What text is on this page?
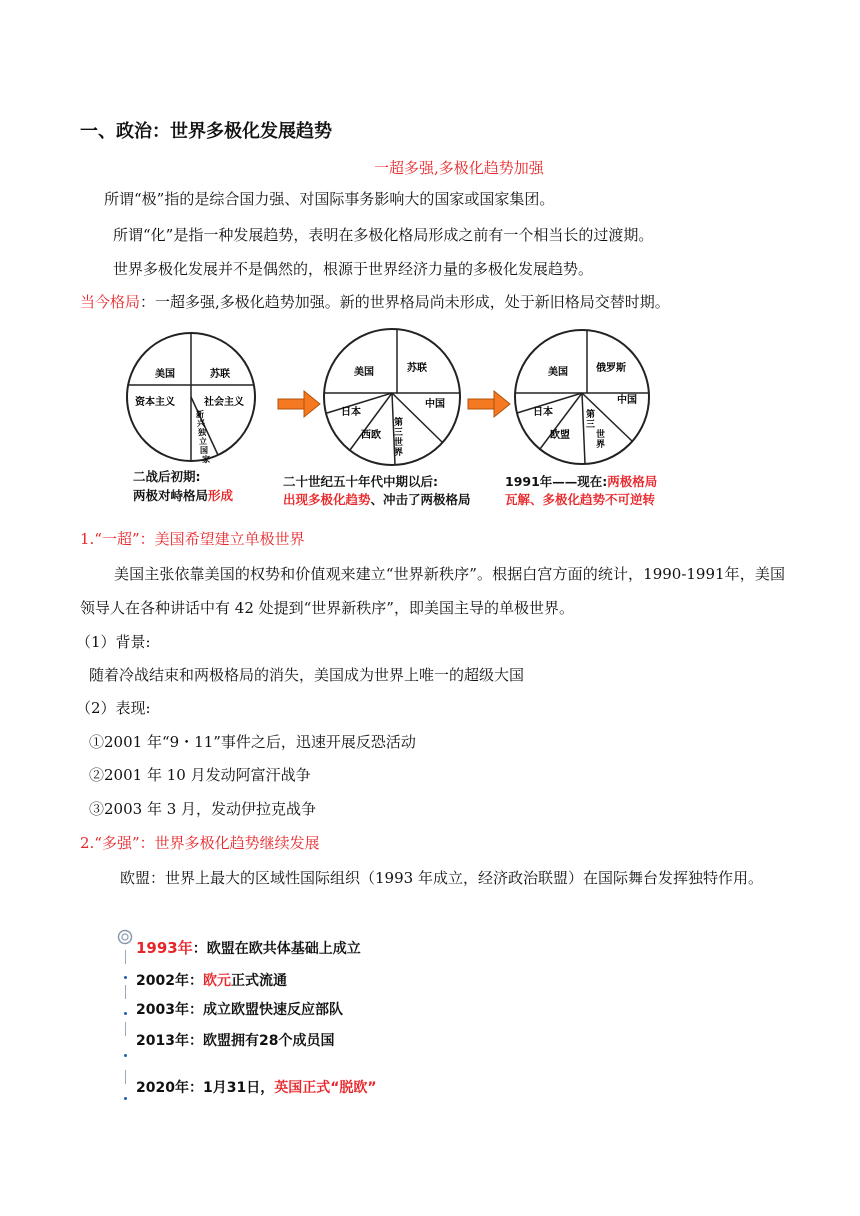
一、政治：世界多极化发展趋势
一超多强,多极化趋势加强
所谓“极”指的是综合国力强、对国际事务影响大的国家或国家集团。
所谓“化”是指一种发展趋势，表明在多极化格局形成之前有一个相当长的过渡期。
世界多极化发展并不是偶然的，根源于世界经济力量的多极化发展趋势。
当今格局：一超多强,多极化趋势加强。新的世界格局尚未形成，处于新旧格局交替时期。
美国	苏联
资本主义	社会主义
新
兴
独
立
国
家
美国	苏联
日本
中国
西欧
第
三
世
界
美国	俄罗斯
日本
中国
欧盟
第
三
世
界
二战后初期:
两极对峙格局形成
二十世纪五十年代中期以后:
出现多极化趋势、冲击了两极格局
1991年——现在:两极格局
瓦解、多极化趋势不可逆转
1.“一超”：美国希望建立单极世界
美国主张依靠美国的权势和价值观来建立“世界新秩序”。根据白宫方面的统计，1990-1991年，美国领导人在各种讲话中有 42 处提到“世界新秩序”，即美国主导的单极世界。
（1）背景:
随着冷战结束和两极格局的消失，美国成为世界上唯一的超级大国
（2）表现:
①2001 年“9・11”事件之后，迅速开展反恐活动
②2001 年 10 月发动阿富汗战争
③2003 年 3 月，发动伊拉克战争
2.“多强”：世界多极化趋势继续发展
欧盟：世界上最大的区域性国际组织（1993 年成立，经济政治联盟）在国际舞台发挥独特作用。
1993年：欧盟在欧共体基础上成立
2002年：欧元正式流通
2003年：成立欧盟快速反应部队
2013年：欧盟拥有28个成员国
2020年：1月31日，英国正式“脱欧”
